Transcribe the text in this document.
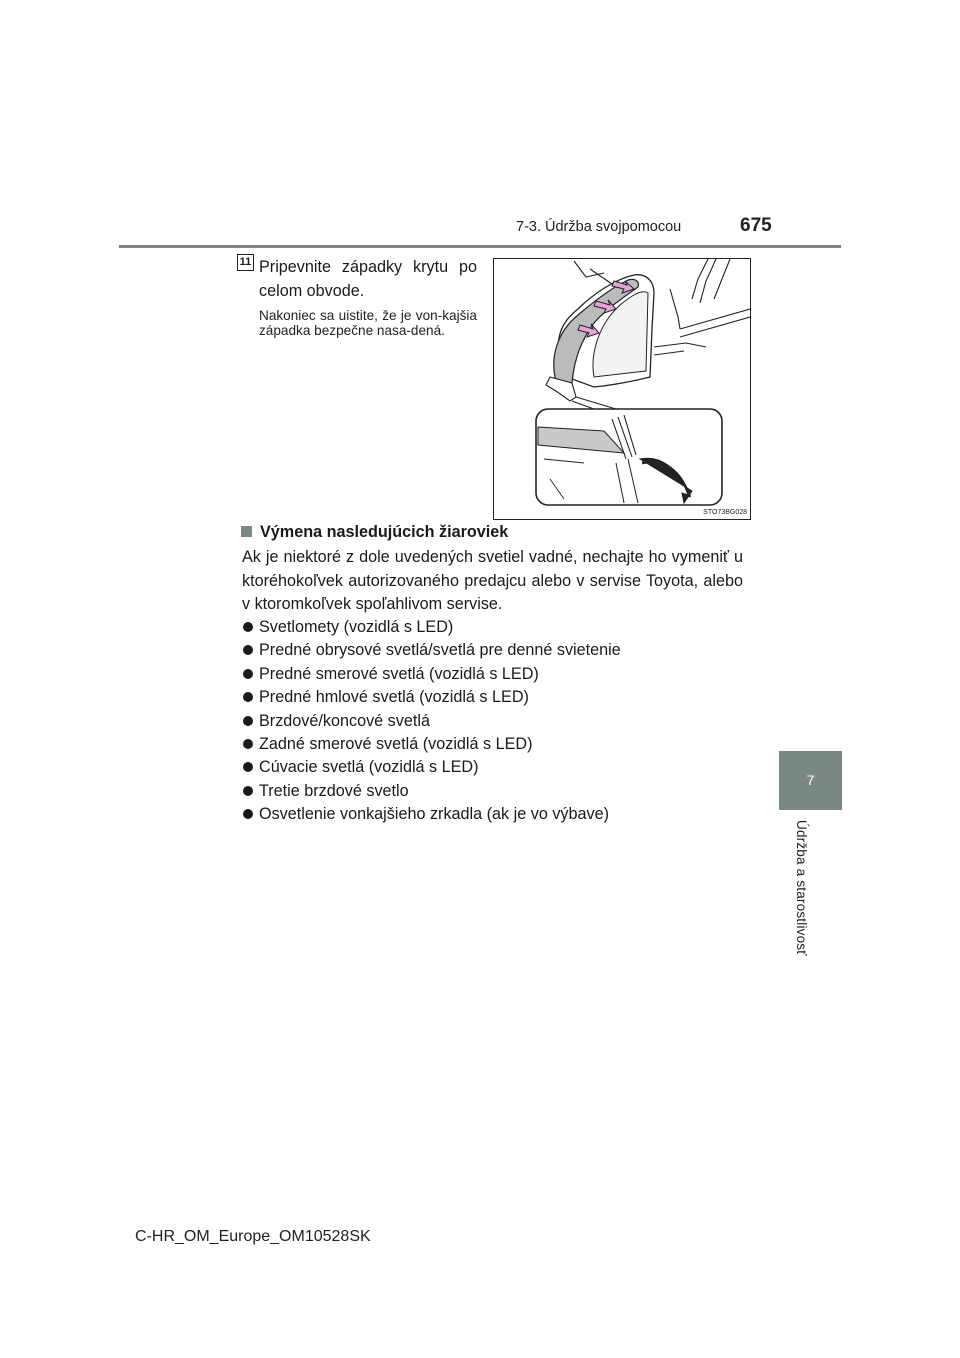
7-3. Údržba svojpomocou	675
7
Údržba a starostlivosť
11 Pripevnite západky krytu po celom obvode.
Nakoniec sa uistite, že je von-kajšia západka bezpečne nasa-dená.
STO73BG028
Výmena nasledujúcich žiaroviek
Ak je niektoré z dole uvedených svetiel vadné, nechajte ho vymeniť u ktoréhokoľvek autorizovaného predajcu alebo v servise Toyota, alebo v ktoromkoľvek spoľahlivom servise.
Svetlomety (vozidlá s LED)
Predné obrysové svetlá/svetlá pre denné svietenie
Predné smerové svetlá (vozidlá s LED)
Predné hmlové svetlá (vozidlá s LED)
Brzdové/koncové svetlá
Zadné smerové svetlá (vozidlá s LED)
Cúvacie svetlá (vozidlá s LED)
Tretie brzdové svetlo
Osvetlenie vonkajšieho zrkadla (ak je vo výbave)
C-HR_OM_Europe_OM10528SK
